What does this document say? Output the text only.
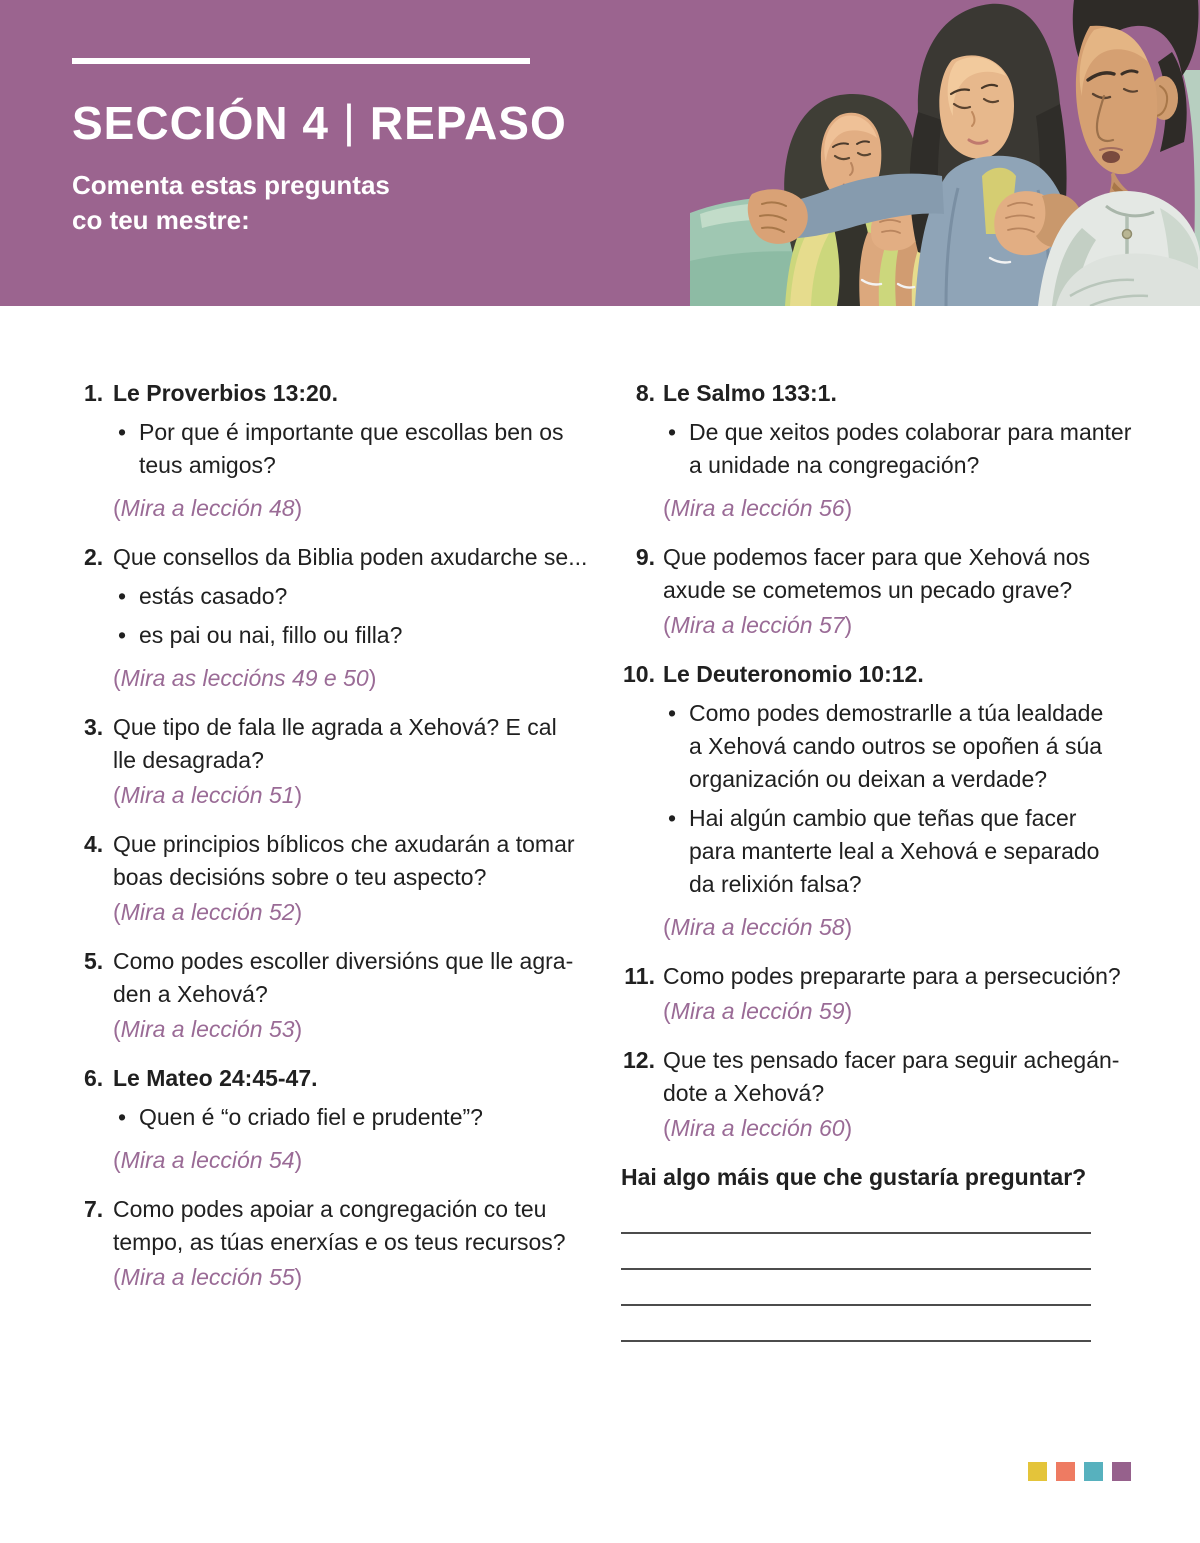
SECCIÓN 4 | REPASO
Comenta estas preguntas
co teu mestre:
1. Le Proverbios 13:20.
• Por que é importante que escollas ben os
teus amigos?
(Mira a lección 48)
2. Que consellos da Biblia poden axudarche se...
• estás casado?
• es pai ou nai, fillo ou filla?
(Mira as leccións 49 e 50)
3. Que tipo de fala lle agrada a Xehová? E cal
lle desagrada?
(Mira a lección 51)
4. Que principios bíblicos che axudarán a tomar
boas decisións sobre o teu aspecto?
(Mira a lección 52)
5. Como podes escoller diversións que lle agra-
den a Xehová?
(Mira a lección 53)
6. Le Mateo 24:45-47.
• Quen é “o criado fiel e prudente”?
(Mira a lección 54)
7. Como podes apoiar a congregación co teu
tempo, as túas enerxías e os teus recursos?
(Mira a lección 55)
8. Le Salmo 133:1.
• De que xeitos podes colaborar para manter
a unidade na congregación?
(Mira a lección 56)
9. Que podemos facer para que Xehová nos
axude se cometemos un pecado grave?
(Mira a lección 57)
10. Le Deuteronomio 10:12.
• Como podes demostrarlle a túa lealdade
a Xehová cando outros se opoñen á súa
organización ou deixan a verdade?
• Hai algún cambio que teñas que facer
para manterte leal a Xehová e separado
da relixión falsa?
(Mira a lección 58)
11. Como podes prepararte para a persecución?
(Mira a lección 59)
12. Que tes pensado facer para seguir achegán-
dote a Xehová?
(Mira a lección 60)
Hai algo máis que che gustaría preguntar?
